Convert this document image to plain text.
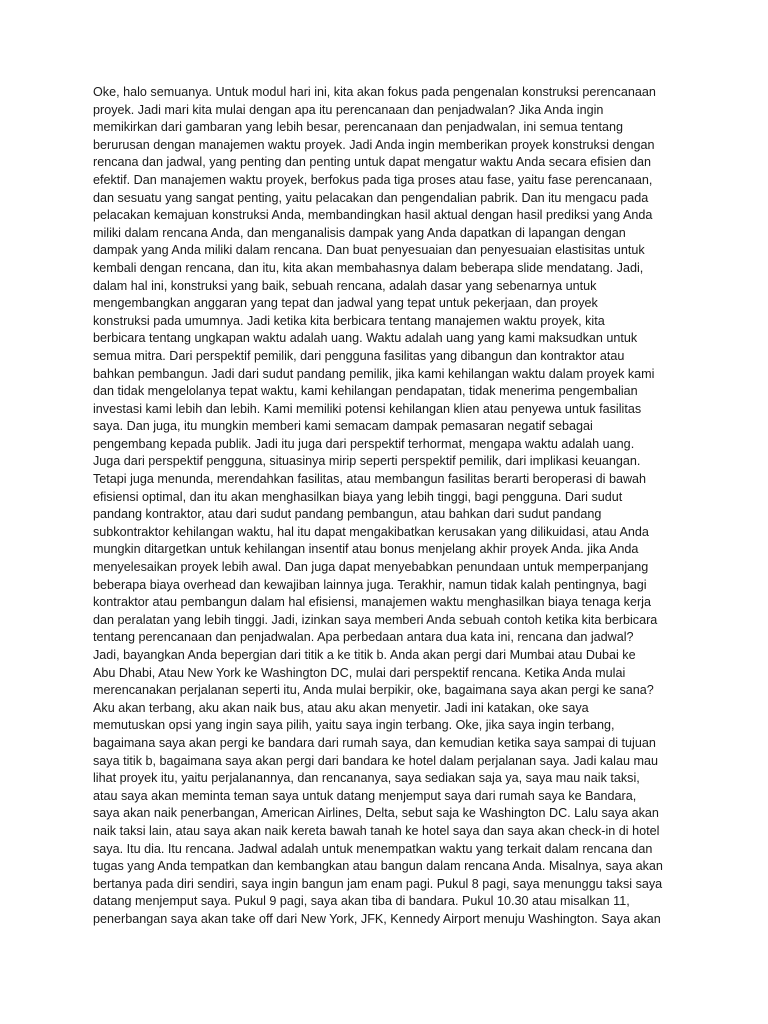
Oke, halo semuanya. Untuk modul hari ini, kita akan fokus pada pengenalan konstruksi perencanaan
proyek. Jadi mari kita mulai dengan apa itu perencanaan dan penjadwalan? Jika Anda ingin
memikirkan dari gambaran yang lebih besar, perencanaan dan penjadwalan, ini semua tentang
berurusan dengan manajemen waktu proyek. Jadi Anda ingin memberikan proyek konstruksi dengan
rencana dan jadwal, yang penting dan penting untuk dapat mengatur waktu Anda secara efisien dan
efektif. Dan manajemen waktu proyek, berfokus pada tiga proses atau fase, yaitu fase perencanaan,
dan sesuatu yang sangat penting, yaitu pelacakan dan pengendalian pabrik. Dan itu mengacu pada
pelacakan kemajuan konstruksi Anda, membandingkan hasil aktual dengan hasil prediksi yang Anda
miliki dalam rencana Anda, dan menganalisis dampak yang Anda dapatkan di lapangan dengan
dampak yang Anda miliki dalam rencana. Dan buat penyesuaian dan penyesuaian elastisitas untuk
kembali dengan rencana, dan itu, kita akan membahasnya dalam beberapa slide mendatang. Jadi,
dalam hal ini, konstruksi yang baik, sebuah rencana, adalah dasar yang sebenarnya untuk
mengembangkan anggaran yang tepat dan jadwal yang tepat untuk pekerjaan, dan proyek
konstruksi pada umumnya. Jadi ketika kita berbicara tentang manajemen waktu proyek, kita
berbicara tentang ungkapan waktu adalah uang. Waktu adalah uang yang kami maksudkan untuk
semua mitra. Dari perspektif pemilik, dari pengguna fasilitas yang dibangun dan kontraktor atau
bahkan pembangun. Jadi dari sudut pandang pemilik, jika kami kehilangan waktu dalam proyek kami
dan tidak mengelolanya tepat waktu, kami kehilangan pendapatan, tidak menerima pengembalian
investasi kami lebih dan lebih. Kami memiliki potensi kehilangan klien atau penyewa untuk fasilitas
saya. Dan juga, itu mungkin memberi kami semacam dampak pemasaran negatif sebagai
pengembang kepada publik. Jadi itu juga dari perspektif terhormat, mengapa waktu adalah uang.
Juga dari perspektif pengguna, situasinya mirip seperti perspektif pemilik, dari implikasi keuangan.
Tetapi juga menunda, merendahkan fasilitas, atau membangun fasilitas berarti beroperasi di bawah
efisiensi optimal, dan itu akan menghasilkan biaya yang lebih tinggi, bagi pengguna. Dari sudut
pandang kontraktor, atau dari sudut pandang pembangun, atau bahkan dari sudut pandang
subkontraktor kehilangan waktu, hal itu dapat mengakibatkan kerusakan yang dilikuidasi, atau Anda
mungkin ditargetkan untuk kehilangan insentif atau bonus menjelang akhir proyek Anda. jika Anda
menyelesaikan proyek lebih awal. Dan juga dapat menyebabkan penundaan untuk memperpanjang
beberapa biaya overhead dan kewajiban lainnya juga. Terakhir, namun tidak kalah pentingnya, bagi
kontraktor atau pembangun dalam hal efisiensi, manajemen waktu menghasilkan biaya tenaga kerja
dan peralatan yang lebih tinggi. Jadi, izinkan saya memberi Anda sebuah contoh ketika kita berbicara
tentang perencanaan dan penjadwalan. Apa perbedaan antara dua kata ini, rencana dan jadwal?
Jadi, bayangkan Anda bepergian dari titik a ke titik b. Anda akan pergi dari Mumbai atau Dubai ke
Abu Dhabi, Atau New York ke Washington DC, mulai dari perspektif rencana. Ketika Anda mulai
merencanakan perjalanan seperti itu, Anda mulai berpikir, oke, bagaimana saya akan pergi ke sana?
Aku akan terbang, aku akan naik bus, atau aku akan menyetir. Jadi ini katakan, oke saya
memutuskan opsi yang ingin saya pilih, yaitu saya ingin terbang. Oke, jika saya ingin terbang,
bagaimana saya akan pergi ke bandara dari rumah saya, dan kemudian ketika saya sampai di tujuan
saya titik b, bagaimana saya akan pergi dari bandara ke hotel dalam perjalanan saya. Jadi kalau mau
lihat proyek itu, yaitu perjalanannya, dan rencananya, saya sediakan saja ya, saya mau naik taksi,
atau saya akan meminta teman saya untuk datang menjemput saya dari rumah saya ke Bandara,
saya akan naik penerbangan, American Airlines, Delta, sebut saja ke Washington DC. Lalu saya akan
naik taksi lain, atau saya akan naik kereta bawah tanah ke hotel saya dan saya akan check-in di hotel
saya. Itu dia. Itu rencana. Jadwal adalah untuk menempatkan waktu yang terkait dalam rencana dan
tugas yang Anda tempatkan dan kembangkan atau bangun dalam rencana Anda. Misalnya, saya akan
bertanya pada diri sendiri, saya ingin bangun jam enam pagi. Pukul 8 pagi, saya menunggu taksi saya
datang menjemput saya. Pukul 9 pagi, saya akan tiba di bandara. Pukul 10.30 atau misalkan 11,
penerbangan saya akan take off dari New York, JFK, Kennedy Airport menuju Washington. Saya akan
